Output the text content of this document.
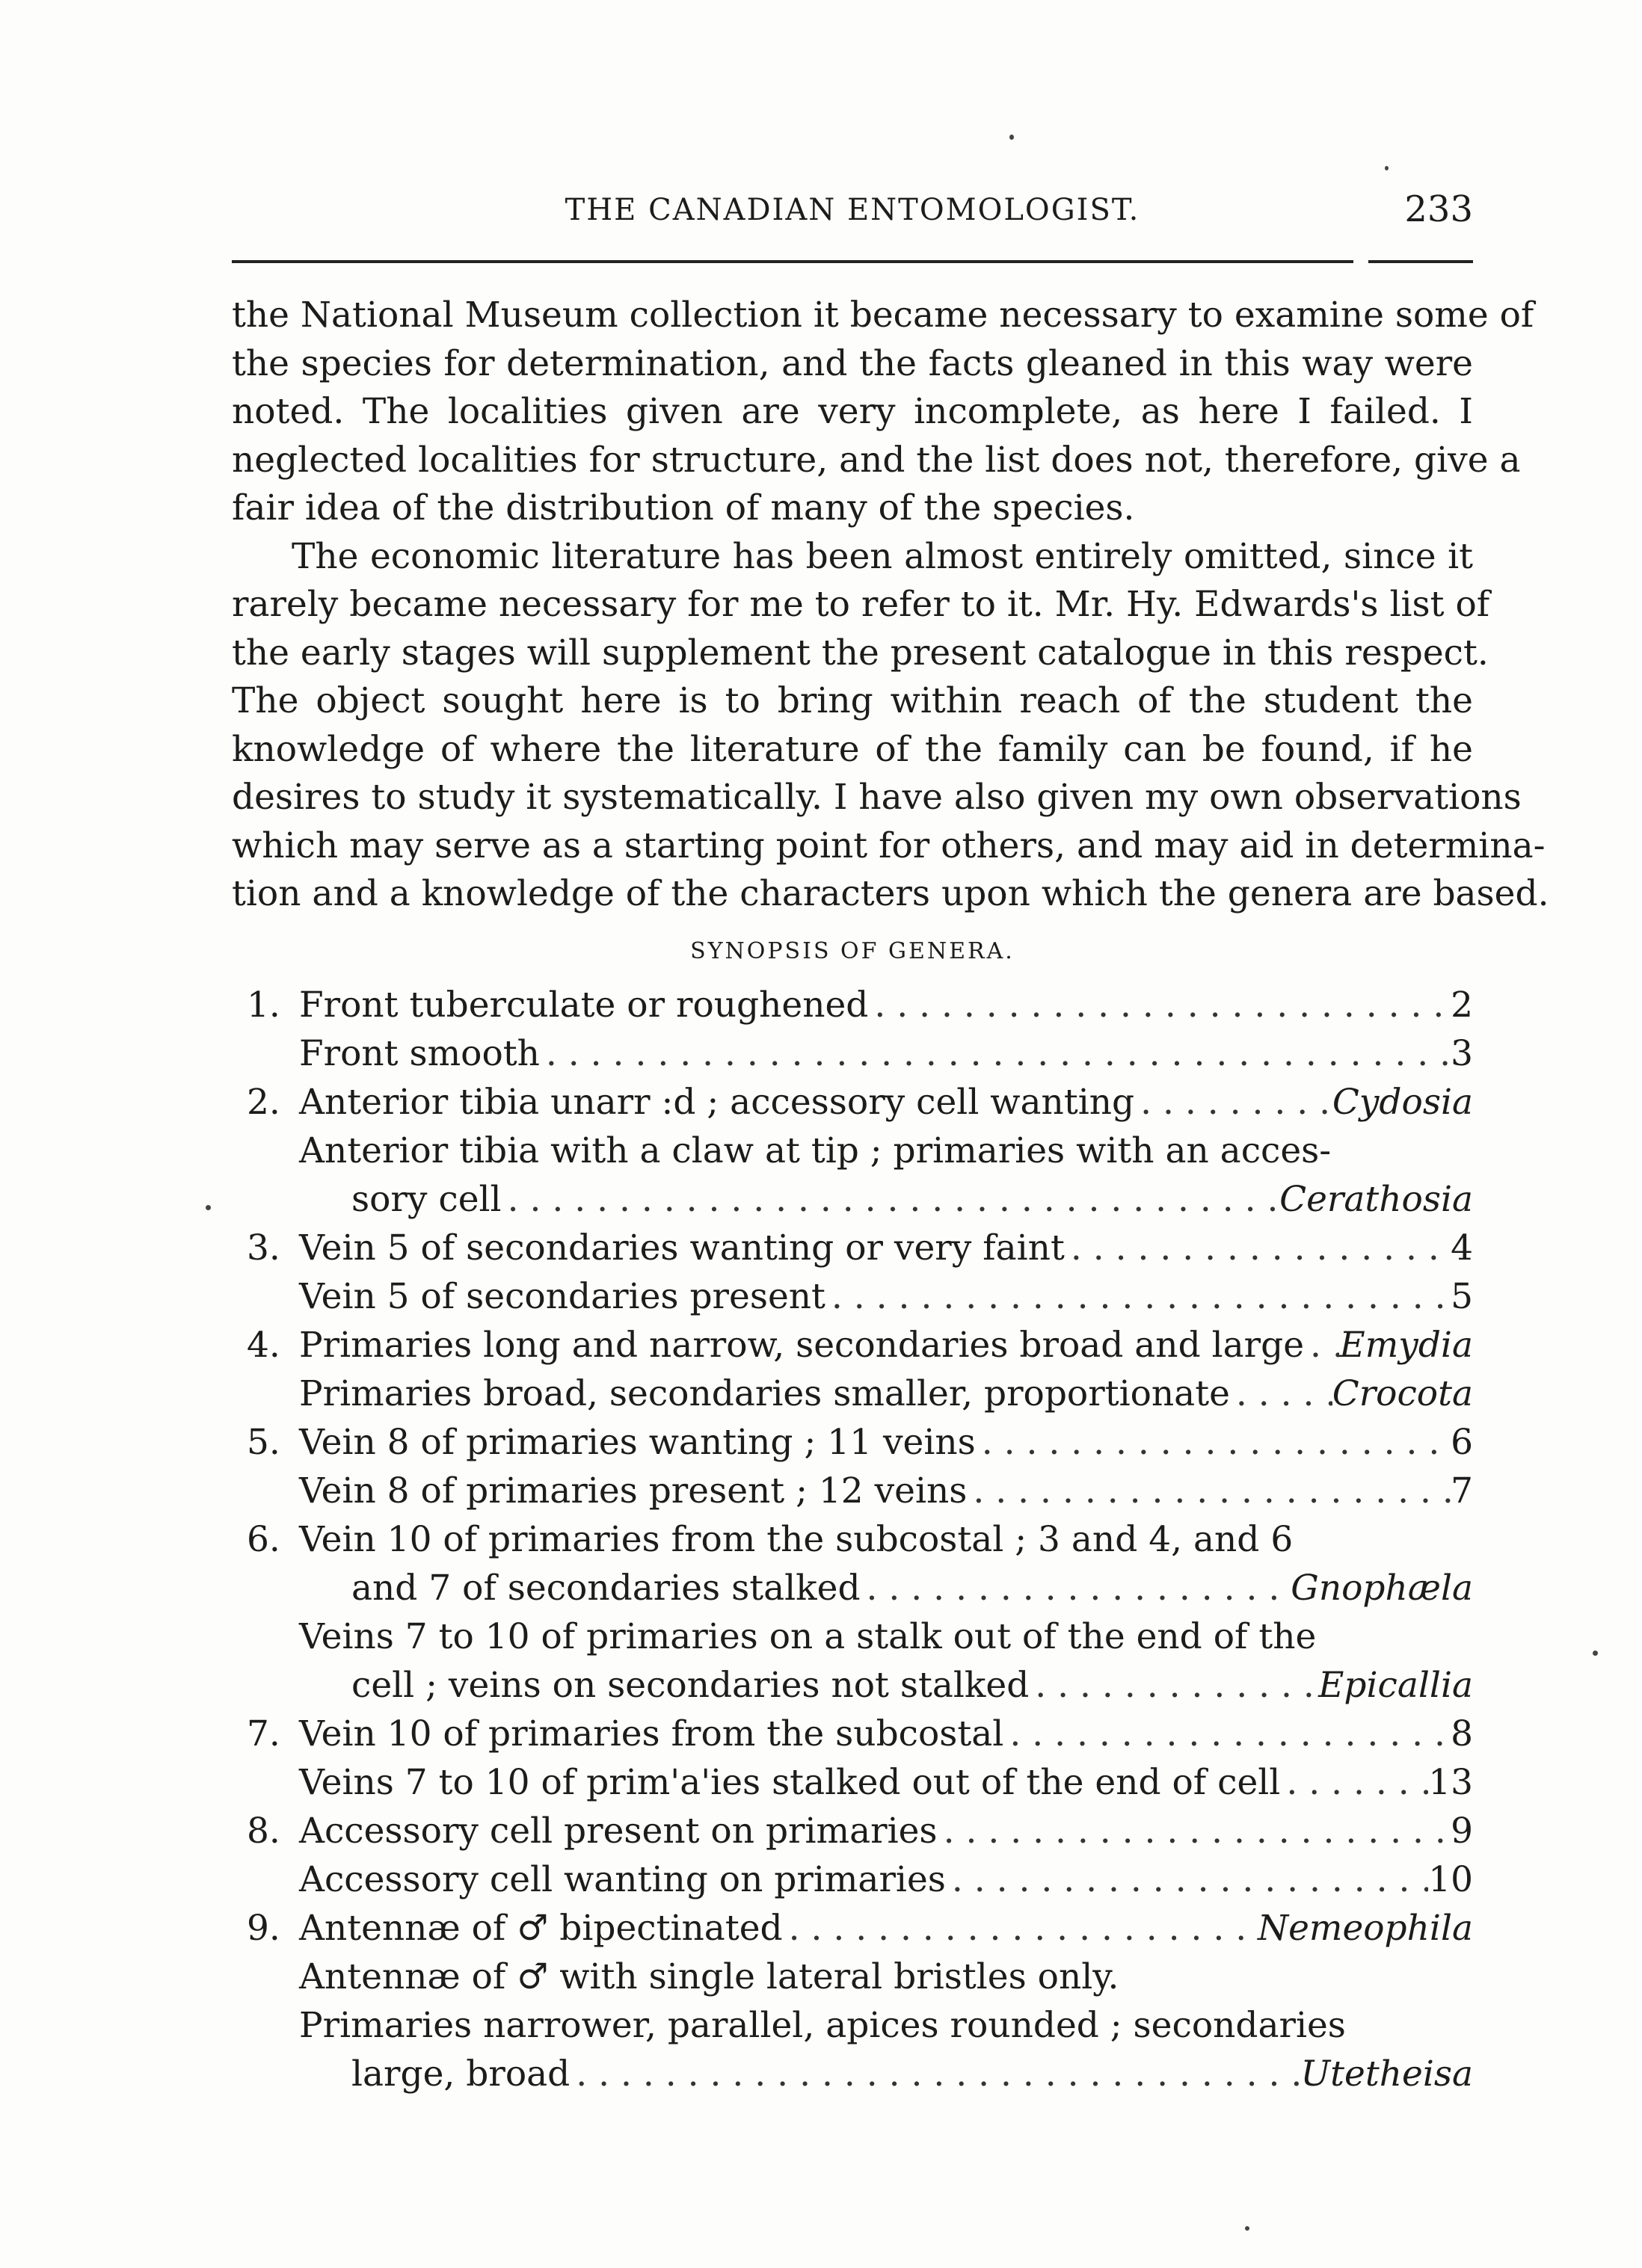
THE CANADIAN ENTOMOLOGIST.	233
the National Museum collection it became necessary to examine some of
the species for determination, and the facts gleaned in this way were
noted. The localities given are very incomplete, as here I failed. I
neglected localities for structure, and the list does not, therefore, give a
fair idea of the distribution of many of the species.
The economic literature has been almost entirely omitted, since it
rarely became necessary for me to refer to it. Mr. Hy. Edwards's list of
the early stages will supplement the present catalogue in this respect.
The object sought here is to bring within reach of the student the
knowledge of where the literature of the family can be found, if he
desires to study it systematically. I have also given my own observations
which may serve as a starting point for others, and may aid in determina-
tion and a knowledge of the characters upon which the genera are based.
SYNOPSIS OF GENERA.
1. Front tuberculate or roughened . . .	2
Front smooth . . .	3
2. Anterior tibia unarr :d ; accessory cell wanting . . .	Cydosia
Anterior tibia with a claw at tip ; primaries with an acces-
sory cell . . .	Cerathosia
3. Vein 5 of secondaries wanting or very faint . . .	4
Vein 5 of secondaries present . . .	5
4. Primaries long and narrow, secondaries broad and large . . . Emydia
Primaries broad, secondaries smaller, proportionate . . .	Crocota
5. Vein 8 of primaries wanting ; 11 veins . . .	6
Vein 8 of primaries present ; 12 veins . . .	7
6. Vein 10 of primaries from the subcostal ; 3 and 4, and 6
and 7 of secondaries stalked . . .	Gnophæla
Veins 7 to 10 of primaries on a stalk out of the end of the
cell ; veins on secondaries not stalked . . .	Epicallia
7. Vein 10 of primaries from the subcostal . . .	8
Veins 7 to 10 of prim'a'ies stalked out of the end of cell . . .	13
8. Accessory cell present on primaries . . .	9
Accessory cell wanting on primaries . . .	10
9. Antennæ of ♂ bipectinated . . .	Nemeophila
Antennæ of ♂ with single lateral bristles only.
Primaries narrower, parallel, apices rounded ; secondaries
large, broad . . .	Utetheisa
